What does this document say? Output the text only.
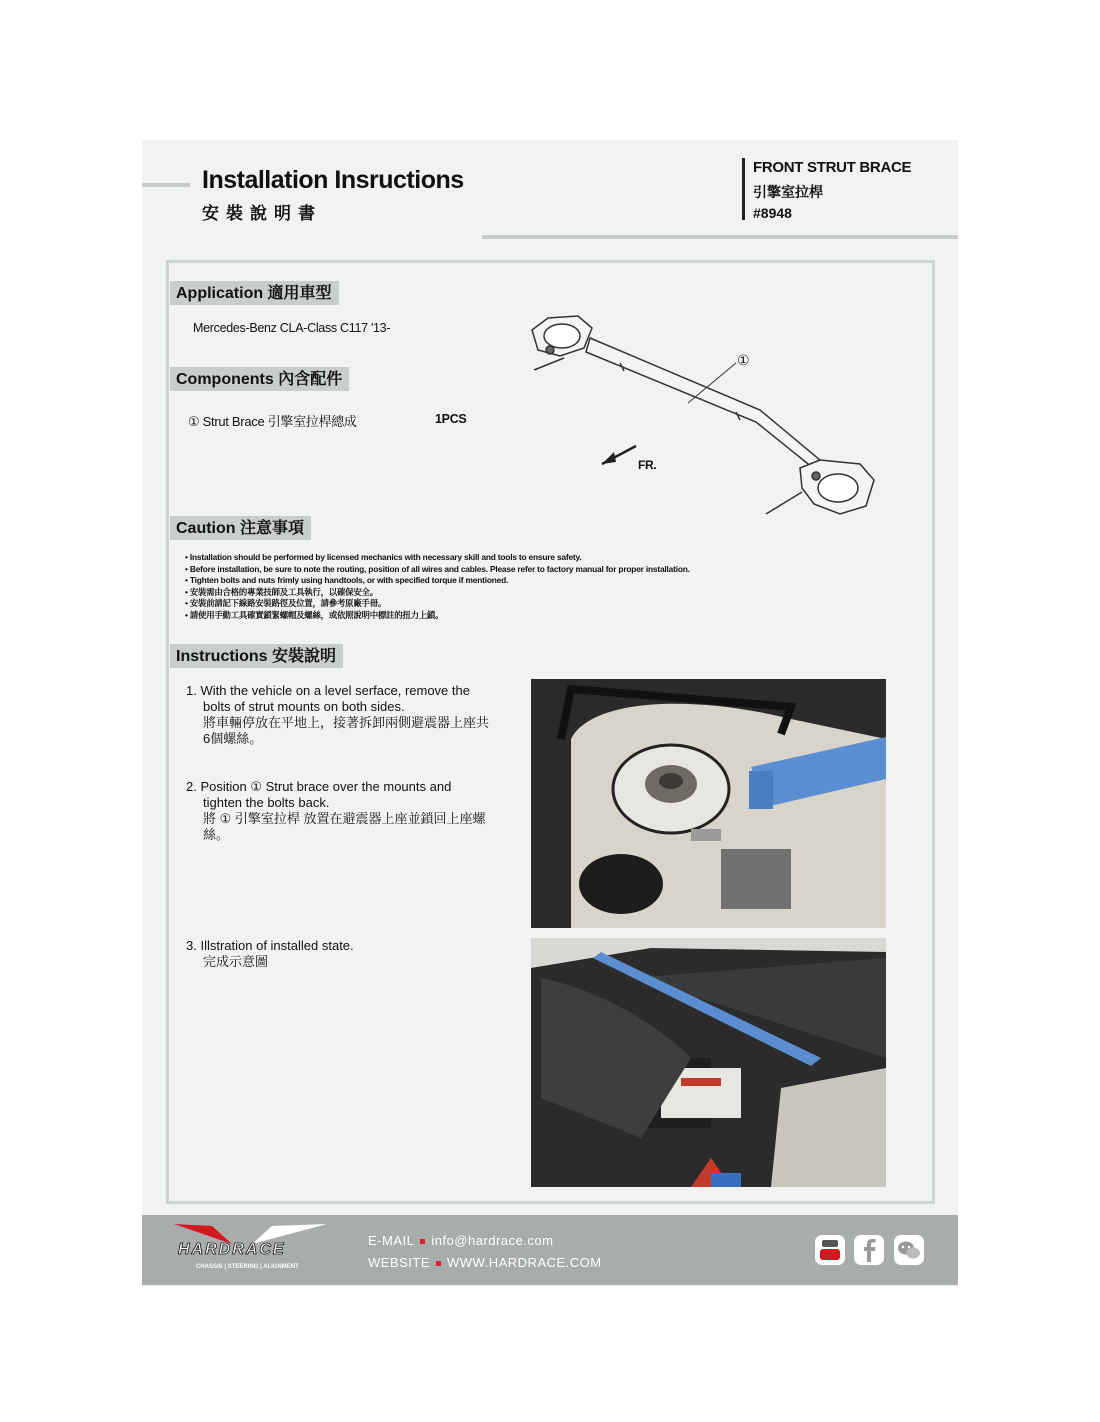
Installation Insructions
安裝說明書
FRONT STRUT BRACE
引擎室拉桿
#8948
Application 適用車型
Mercedes-Benz CLA-Class C117 '13-
Components 內含配件
① Strut Brace 引擎室拉桿總成	1PCS
①
FR.
Caution 注意事項
• Installation should be performed by licensed mechanics with necessary skill and tools to ensure safety.
• Before installation, be sure to note the routing, position of all wires and cables. Please refer to factory manual for proper installation.
• Tighten bolts and nuts frimly using handtools, or with specified torque if mentioned.
• 安裝需由合格的專業技師及工具執行，以確保安全。
• 安裝前請記下線路安裝路徑及位置，請參考原廠手冊。
• 請使用手動工具確實鎖緊螺帽及螺絲，或依照說明中標註的扭力上鎖。
Instructions 安裝說明
1. With the vehicle on a level serface, remove the
bolts of strut mounts on both sides.
將車輛停放在平地上，接著拆卸兩側避震器上座共
6個螺絲。
2. Position ① Strut brace over the mounts and
tighten the bolts back.
將 ① 引擎室拉桿 放置在避震器上座並鎖回上座螺
絲。
3. Illstration of installed state.
完成示意圖
HARDRACE
CHASSIS | STEERING | ALIGNMENT
E-MAIL info@hardrace.com
WEBSITE WWW.HARDRACE.COM
